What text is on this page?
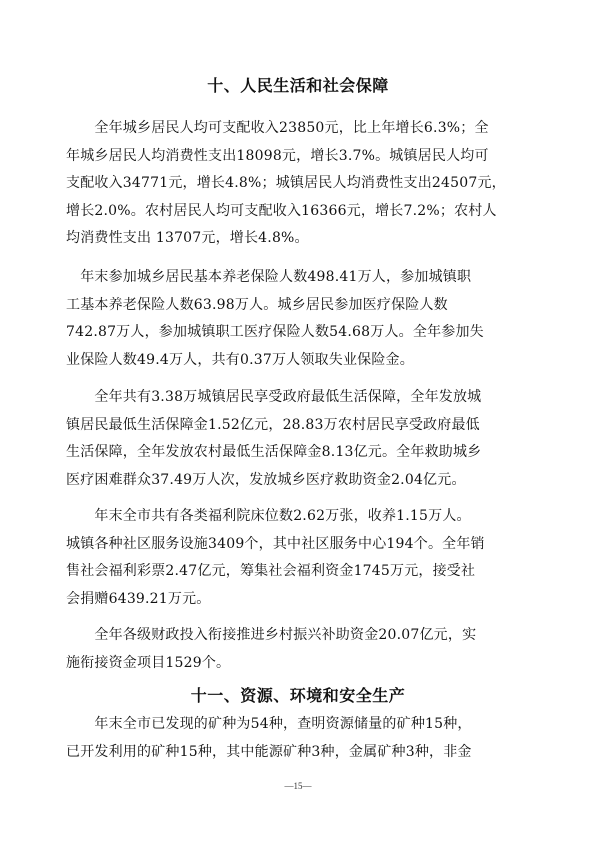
十、人民生活和社会保障
　　全年城乡居民人均可支配收入23850元，比上年增长6.3%；全
年城乡居民人均消费性支出18098元，增长3.7%。城镇居民人均可
支配收入34771元，增长4.8%；城镇居民人均消费性支出24507元，
增长2.0%。农村居民人均可支配收入16366元，增长7.2%；农村人
均消费性支出 13707元，增长4.8%。
　年末参加城乡居民基本养老保险人数498.41万人，参加城镇职
工基本养老保险人数63.98万人。城乡居民参加医疗保险人数
742.87万人，参加城镇职工医疗保险人数54.68万人。全年参加失
业保险人数49.4万人，共有0.37万人领取失业保险金。
　　全年共有3.38万城镇居民享受政府最低生活保障，全年发放城
镇居民最低生活保障金1.52亿元，28.83万农村居民享受政府最低
生活保障，全年发放农村最低生活保障金8.13亿元。全年救助城乡
医疗困难群众37.49万人次，发放城乡医疗救助资金2.04亿元。
　　年末全市共有各类福利院床位数2.62万张，收养1.15万人。
城镇各种社区服务设施3409个，其中社区服务中心194个。全年销
售社会福利彩票2.47亿元，筹集社会福利资金1745万元，接受社
会捐赠6439.21万元。
　　全年各级财政投入衔接推进乡村振兴补助资金20.07亿元，实
施衔接资金项目1529个。
十一、资源、环境和安全生产
　　年末全市已发现的矿种为54种，查明资源储量的矿种15种，
已开发利用的矿种15种，其中能源矿种3种，金属矿种3种，非金
—15—
